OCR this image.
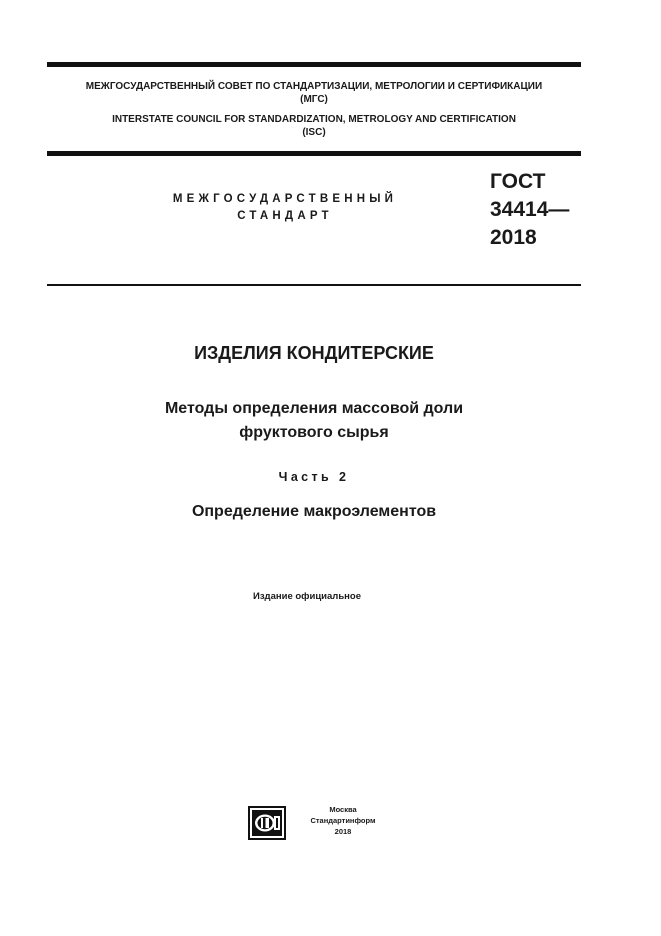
МЕЖГОСУДАРСТВЕННЫЙ СОВЕТ ПО СТАНДАРТИЗАЦИИ, МЕТРОЛОГИИ И СЕРТИФИКАЦИИ
(МГС)
INTERSTATE COUNCIL FOR STANDARDIZATION, METROLOGY AND CERTIFICATION
(ISC)
МЕЖГОСУДАРСТВЕННЫЙ
СТАНДАРТ
ГОСТ
34414—
2018
ИЗДЕЛИЯ КОНДИТЕРСКИЕ
Методы определения массовой доли
фруктового сырья
Часть 2
Определение макроэлементов
Издание официальное
Москва
Стандартинформ
2018
